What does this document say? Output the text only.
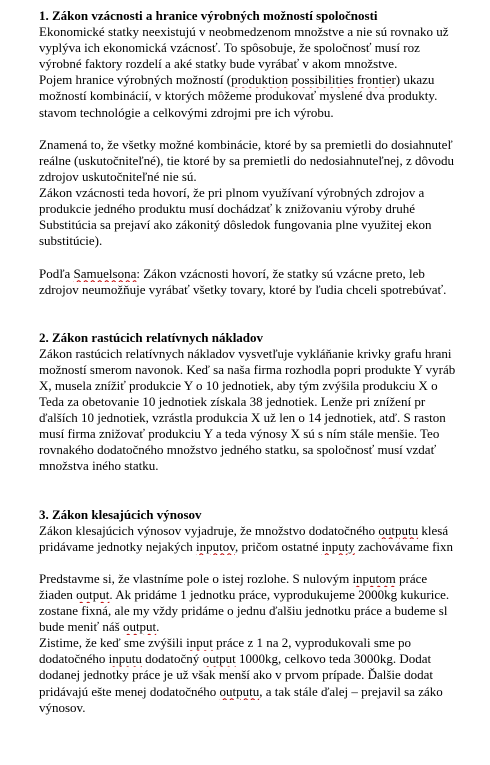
1. Zákon vzácnosti a hranice výrobných možností spoločnosti
Ekonomické statky neexistujú v neobmedzenom množstve a nie sú rovnako už
vyplýva ich ekonomická vzácnosť. To spôsobuje, že spoločnosť musí roz
výrobné faktory rozdelí a aké statky bude vyrábať v akom množstve.
Pojem hranice výrobných možností (produktion possibilities frontier) ukazu
možností kombinácií, v ktorých môžeme produkovať myslené dva produkty.
stavom technológie a celkovými zdrojmi pre ich výrobu.
Znamená to, že všetky možné kombinácie, ktoré by sa premietli do dosiahnuteľ
reálne (uskutočniteľné), tie ktoré by sa premietli do nedosiahnuteľnej, z dôvodu
zdrojov uskutočniteľné nie sú.
Zákon vzácnosti teda hovorí, že pri plnom využívaní výrobných zdrojov a
produkcie jedného produktu musí dochádzať k znižovaniu výroby druhé
Substitúcia sa prejaví ako zákonitý dôsledok fungovania plne využitej ekon
substitúcie).
Podľa Samuelsona: Zákon vzácnosti hovorí, že statky sú vzácne preto, leb
zdrojov neumožňuje vyrábať všetky tovary, ktoré by ľudia chceli spotrebúvať.
2. Zákon rastúcich relatívnych nákladov
Zákon rastúcich relatívnych nákladov vysvetľuje vykláňanie krivky grafu hrani
možností smerom navonok. Keď sa naša firma rozhodla popri produkte Y vyráb
X, musela znížiť produkcie Y o 10 jednotiek, aby tým zvýšila produkciu X o
Teda za obetovanie 10 jednotiek získala 38 jednotiek. Lenže pri znížení pr
ďalších 10 jednotiek, vzrástla produkcia X už len o 14 jednotiek, atď. S raston
musí firma znižovať produkciu Y a teda výnosy X sú s ním stále menšie. Teo
rovnakého dodatočného množstvo jedného statku, sa spoločnosť musí vzdať
množstva iného statku.
3. Zákon klesajúcich výnosov
Zákon klesajúcich výnosov vyjadruje, že množstvo dodatočného outputu klesá
pridávame jednotky nejakých inputov, pričom ostatné inputy zachovávame fixn
Predstavme si, že vlastníme pole o istej rozlohe. S nulovým inputom práce
žiaden output. Ak pridáme 1 jednotku práce, vyprodukujeme 2000kg kukurice.
zostane fixná, ale my vždy pridáme o jednu ďalšiu jednotku práce a budeme sl
bude meniť náš output.
Zistime, že keď sme zvýšili input práce z 1 na 2, vyprodukovali sme po
dodatočného inputu dodatočný output 1000kg, celkovo teda 3000kg. Dodat
dodanej jednotky práce je už však menší ako v prvom prípade. Ďalšie dodat
pridávajú ešte menej dodatočného outputu, a tak stále ďalej – prejavil sa záko
výnosov.
